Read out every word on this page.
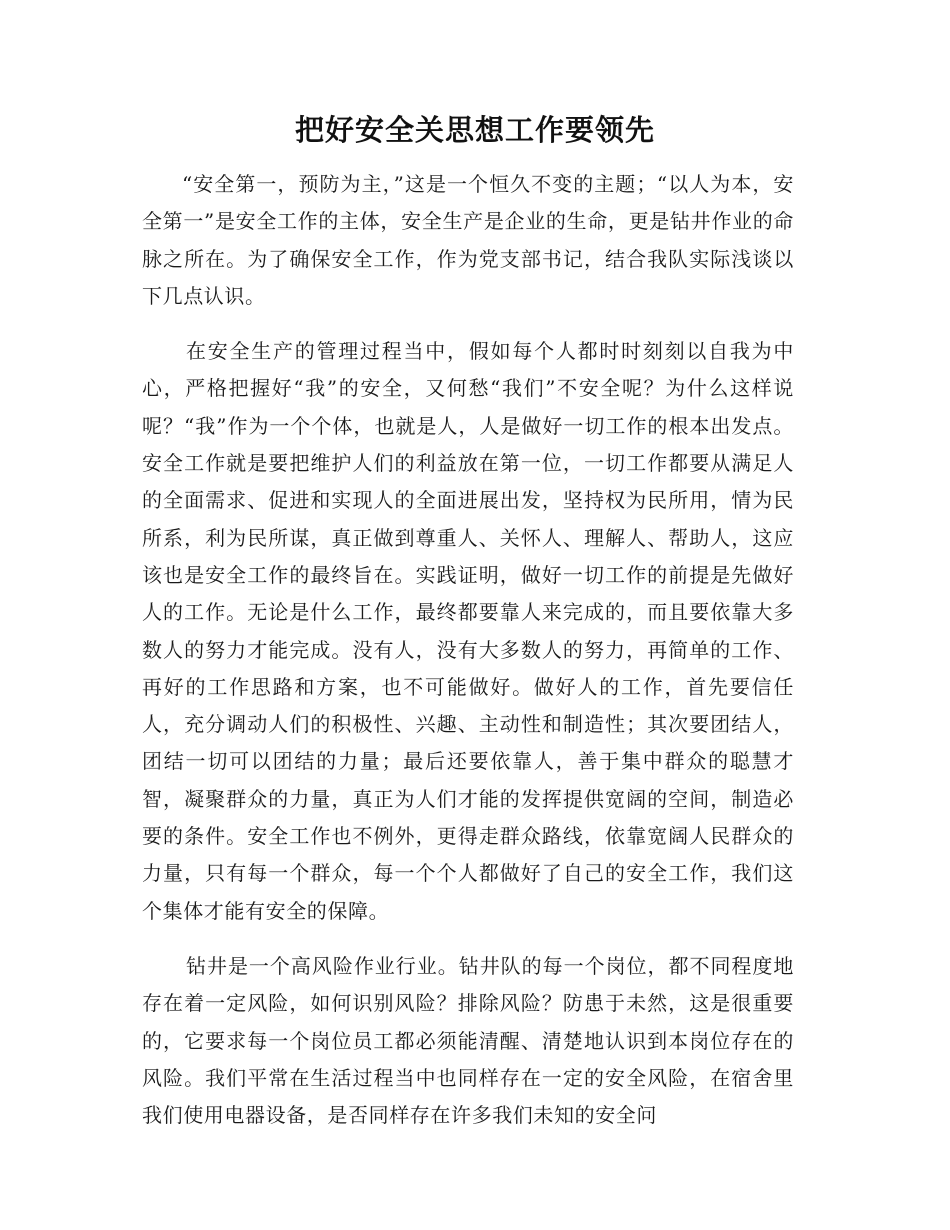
把好安全关思想工作要领先

“安全第一，预防为主，”这是一个恒久不变的主题；“以人为本，安全第一”是安全工作的主体，安全生产是企业的生命，更是钻井作业的命脉之所在。为了确保安全工作，作为党支部书记，结合我队实际浅谈以下几点认识。

在安全生产的管理过程当中，假如每个人都时时刻刻以自我为中心，严格把握好“我”的安全，又何愁“我们”不安全呢？为什么这样说呢？“我”作为一个个体，也就是人，人是做好一切工作的根本出发点。安全工作就是要把维护人们的利益放在第一位，一切工作都要从满足人的全面需求、促进和实现人的全面进展出发，坚持权为民所用，情为民所系，利为民所谋，真正做到尊重人、关怀人、理解人、帮助人，这应该也是安全工作的最终旨在。实践证明，做好一切工作的前提是先做好人的工作。无论是什么工作，最终都要靠人来完成的，而且要依靠大多数人的努力才能完成。没有人，没有大多数人的努力，再简单的工作、再好的工作思路和方案，也不可能做好。做好人的工作，首先要信任人，充分调动人们的积极性、兴趣、主动性和制造性；其次要团结人，团结一切可以团结的力量；最后还要依靠人，善于集中群众的聪慧才智，凝聚群众的力量，真正为人们才能的发挥提供宽阔的空间，制造必要的条件。安全工作也不例外，更得走群众路线，依靠宽阔人民群众的力量，只有每一个群众，每一个个人都做好了自己的安全工作，我们这个集体才能有安全的保障。

钻井是一个高风险作业行业。钻井队的每一个岗位，都不同程度地存在着一定风险，如何识别风险？排除风险？防患于未然，这是很重要的，它要求每一个岗位员工都必须能清醒、清楚地认识到本岗位存在的风险。我们平常在生活过程当中也同样存在一定的安全风险，在宿舍里我们使用电器设备，是否同样存在许多我们未知的安全问
